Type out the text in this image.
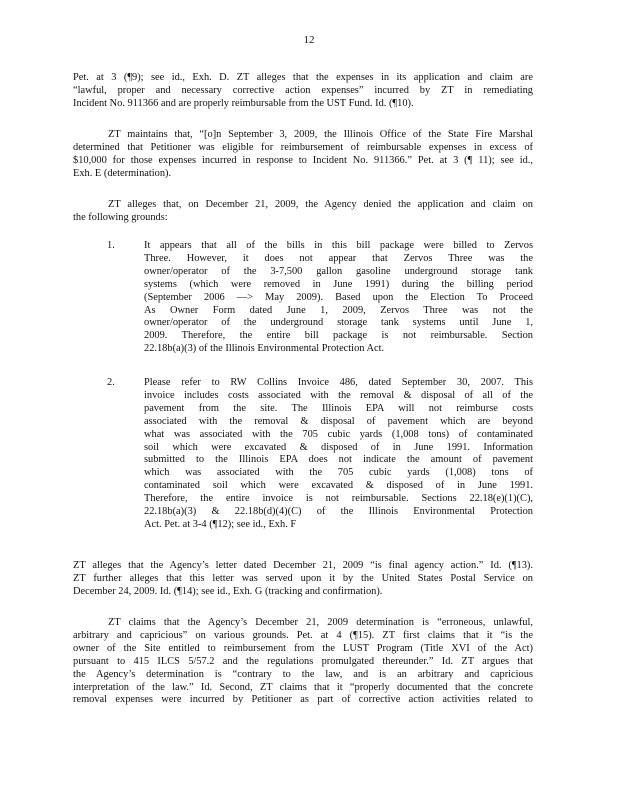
12
Pet. at 3 (¶9); see id., Exh. D. ZT alleges that the expenses in its application and claim are
“lawful, proper and necessary corrective action expenses” incurred by ZT in remediating
Incident No. 911366 and are properly reimbursable from the UST Fund. Id. (¶10).
ZT maintains that, “[o]n September 3, 2009, the Illinois Office of the State Fire Marshal
determined that Petitioner was eligible for reimbursement of reimbursable expenses in excess of
$10,000 for those expenses incurred in response to Incident No. 911366.” Pet. at 3 (¶ 11); see id.,
Exh. E (determination).
ZT alleges that, on December 21, 2009, the Agency denied the application and claim on
the following grounds:
1.	It appears that all of the bills in this bill package were billed to Zervos
Three. However, it does not appear that Zervos Three was the
owner/operator of the 3-7,500 gallon gasoline underground storage tank
systems (which were removed in June 1991) during the billing period
(September 2006 —> May 2009). Based upon the Election To Proceed
As Owner Form dated June 1, 2009, Zervos Three was not the
owner/operator of the underground storage tank systems until June 1,
2009. Therefore, the entire bill package is not reimbursable. Section
22.18b(a)(3) of the Illinois Environmental Protection Act.
2.	Please refer to RW Collins Invoice 486, dated September 30, 2007. This
invoice includes costs associated with the removal & disposal of all of the
pavement from the site. The Illinois EPA will not reimburse costs
associated with the removal & disposal of pavement which are beyond
what was associated with the 705 cubic yards (1,008 tons) of contaminated
soil which were excavated & disposed of in June 1991. Information
submitted to the Illinois EPA does not indicate the amount of pavement
which was associated with the 705 cubic yards (1,008) tons of
contaminated soil which were excavated & disposed of in June 1991.
Therefore, the entire invoice is not reimbursable. Sections 22.18(e)(1)(C),
22.18b(a)(3) & 22.18b(d)(4)(C) of the Illinois Environmental Protection
Act. Pet. at 3-4 (¶12); see id., Exh. F
ZT alleges that the Agency’s letter dated December 21, 2009 “is final agency action.” Id. (¶13).
ZT further alleges that this letter was served upon it by the United States Postal Service on
December 24, 2009. Id. (¶14); see id., Exh. G (tracking and confirmation).
ZT claims that the Agency’s December 21, 2009 determination is “erroneous, unlawful,
arbitrary and capricious” on various grounds. Pet. at 4 (¶15). ZT first claims that it “is the
owner of the Site entitled to reimbursement from the LUST Program (Title XVI of the Act)
pursuant to 415 ILCS 5/57.2 and the regulations promulgated thereunder.” Id. ZT argues that
the Agency’s determination is “contrary to the law, and is an arbitrary and capricious
interpretation of the law.” Id. Second, ZT claims that it “properly documented that the concrete
removal expenses were incurred by Petitioner as part of corrective action activities related to
